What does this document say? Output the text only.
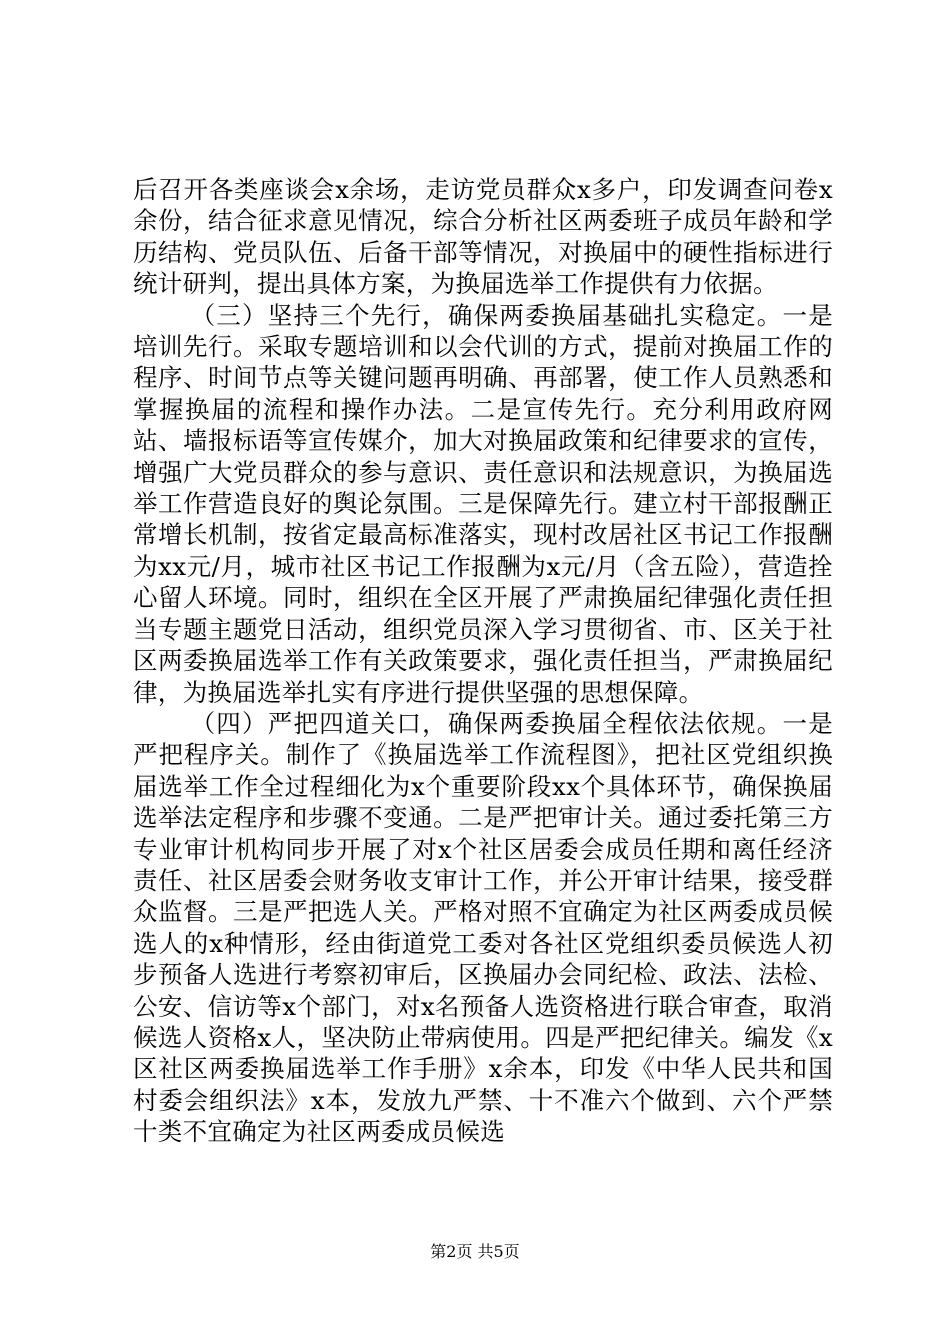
后召开各类座谈会x余场，走访党员群众x多户，印发调查问卷x余份，结合征求意见情况，综合分析社区两委班子成员年龄和学历结构、党员队伍、后备干部等情况，对换届中的硬性指标进行统计研判，提出具体方案，为换届选举工作提供有力依据。

（三）坚持三个先行，确保两委换届基础扎实稳定。一是培训先行。采取专题培训和以会代训的方式，提前对换届工作的程序、时间节点等关键问题再明确、再部署，使工作人员熟悉和掌握换届的流程和操作办法。二是宣传先行。充分利用政府网站、墙报标语等宣传媒介，加大对换届政策和纪律要求的宣传，增强广大党员群众的参与意识、责任意识和法规意识，为换届选举工作营造良好的舆论氛围。三是保障先行。建立村干部报酬正常增长机制，按省定最高标准落实，现村改居社区书记工作报酬为xx元/月，城市社区书记工作报酬为x元/月（含五险），营造拴心留人环境。同时，组织在全区开展了严肃换届纪律强化责任担当专题主题党日活动，组织党员深入学习贯彻省、市、区关于社区两委换届选举工作有关政策要求，强化责任担当，严肃换届纪律，为换届选举扎实有序进行提供坚强的思想保障。

（四）严把四道关口，确保两委换届全程依法依规。一是严把程序关。制作了《换届选举工作流程图》，把社区党组织换届选举工作全过程细化为x个重要阶段xx个具体环节，确保换届选举法定程序和步骤不变通。二是严把审计关。通过委托第三方专业审计机构同步开展了对x个社区居委会成员任期和离任经济责任、社区居委会财务收支审计工作，并公开审计结果，接受群众监督。三是严把选人关。严格对照不宜确定为社区两委成员候选人的x种情形，经由街道党工委对各社区党组织委员候选人初步预备人选进行考察初审后，区换届办会同纪检、政法、法检、公安、信访等x个部门，对x名预备人选资格进行联合审查，取消候选人资格x人，坚决防止带病使用。四是严把纪律关。编发《x区社区两委换届选举工作手册》x余本，印发《中华人民共和国村委会组织法》x本，发放九严禁、十不准六个做到、六个严禁十类不宜确定为社区两委成员候选

第2页 共5页
